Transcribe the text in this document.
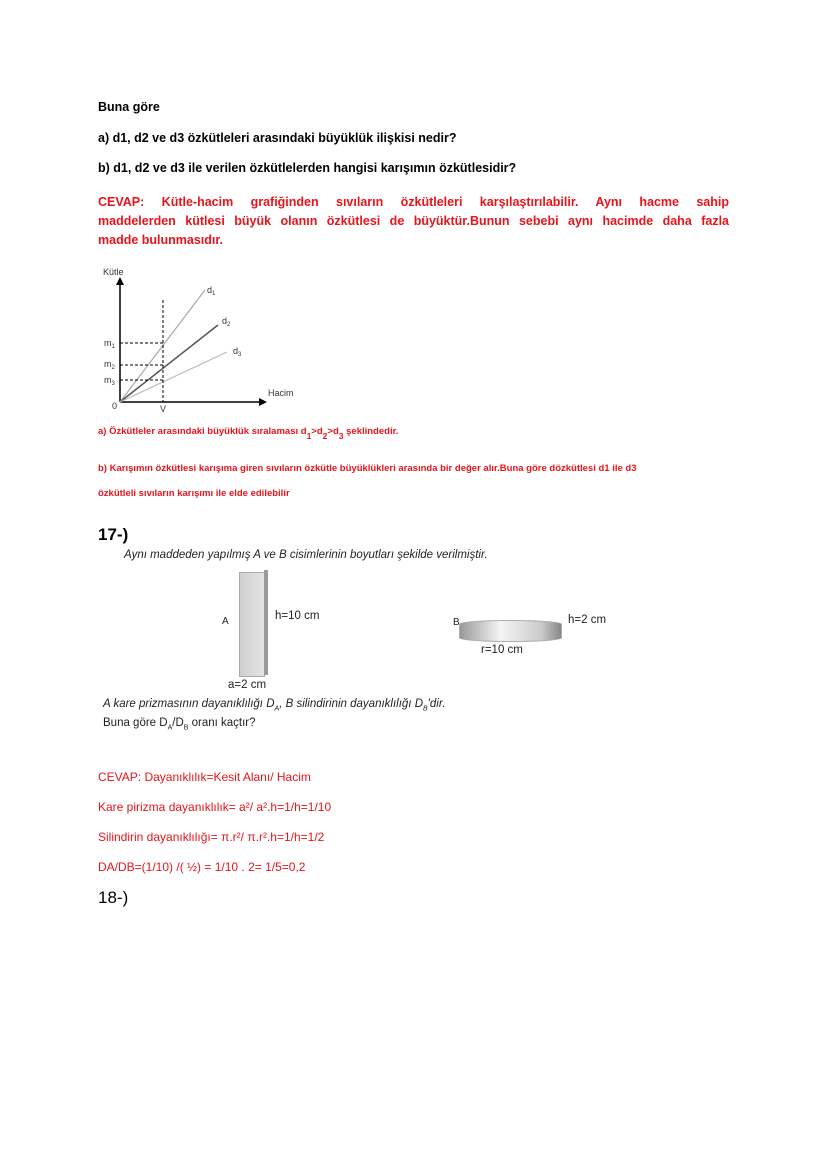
Buna göre
a) d1, d2 ve d3 özkütleleri arasındaki büyüklük ilişkisi nedir?
b) d1, d2 ve d3 ile verilen özkütlelerden hangisi karışımın özkütlesidir?
CEVAP: Kütle-hacim grafiğinden sıvıların özkütleleri karşılaştırılabilir. Aynı hacme sahip
maddelerden kütlesi büyük olanın özkütlesi de büyüktür.Bunun sebebi aynı hacimde daha fazla
madde bulunmasıdır.
Kütle
Hacim
0	V
$m_1$
$m_2$
$m_3$
$d_1$
$d_2$
$d_3$
a) Özkütleler arasındaki büyüklük sıralaması d1>d2>d3 şeklindedir.
b) Karışımın özkütlesi karışıma giren sıvıların özkütle büyüklükleri arasında bir değer alır.Buna göre dözkütlesi d1 ile d3
özkütleli sıvıların karışımı ile elde edilebilir
17-)
Aynı maddeden yapılmış A ve B cisimlerinin boyutları şekilde verilmiştir.
A	h=10 cm
a=2 cm
B	h=2 cm
r=10 cm
A kare prizmasının dayanıklılığı $D_A$, B silindirinin dayanıklılığı $D_B'dir$.
Buna göre $D_A/D_B$ oranı kaçtır?
CEVAP: Dayanıklılık=Kesit Alanı/ Hacim
Kare pirizma dayanıklılık= a²/ a².h=1/h=1/10
Silindirin dayanıklılığı= π.r²/ π.r².h=1/h=1/2
DA/DB=(1/10) /( ½) = 1/10 . 2= 1/5=0,2
18-)
